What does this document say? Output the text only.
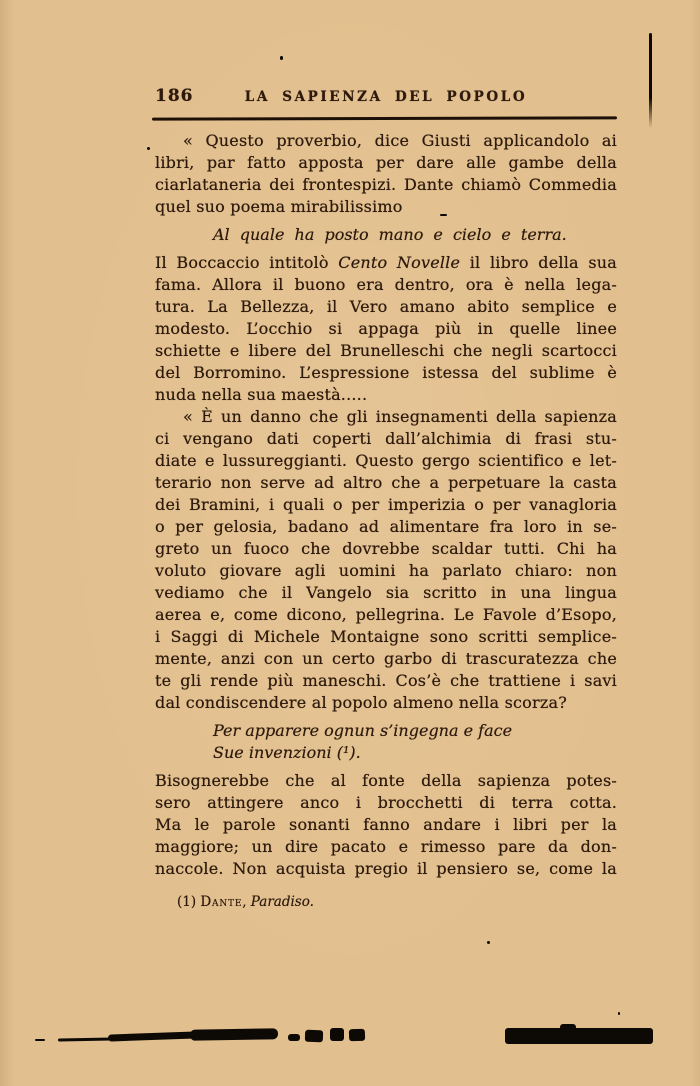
186	LA SAPIENZA DEL POPOLO
« Questo proverbio, dice Giusti applicandolo ai
libri, par fatto apposta per dare alle gambe della
ciarlataneria dei frontespizi. Dante chiamò Commedia
quel suo poema mirabilissimo
Al quale ha posto mano e cielo e terra.
Il Boccaccio intitolò Cento Novelle il libro della sua
fama. Allora il buono era dentro, ora è nella lega-
tura. La Bellezza, il Vero amano abito semplice e
modesto. L’occhio si appaga più in quelle linee
schiette e libere del Brunelleschi che negli scartocci
del Borromino. L’espressione istessa del sublime è
nuda nella sua maestà.....
« È un danno che gli insegnamenti della sapienza
ci vengano dati coperti dall’alchimia di frasi stu-
diate e lussureggianti. Questo gergo scientifico e let-
terario non serve ad altro che a perpetuare la casta
dei Bramini, i quali o per imperizia o per vanagloria
o per gelosia, badano ad alimentare fra loro in se-
greto un fuoco che dovrebbe scaldar tutti. Chi ha
voluto giovare agli uomini ha parlato chiaro: non
vediamo che il Vangelo sia scritto in una lingua
aerea e, come dicono, pellegrina. Le Favole d’Esopo,
i Saggi di Michele Montaigne sono scritti semplice-
mente, anzi con un certo garbo di trascuratezza che
te gli rende più maneschi. Cos’è che trattiene i savi
dal condiscendere al popolo almeno nella scorza?
Per apparere ognun s’ingegna e face
Sue invenzioni (¹).
Bisognerebbe che al fonte della sapienza potes-
sero attingere anco i brocchetti di terra cotta.
Ma le parole sonanti fanno andare i libri per la
maggiore; un dire pacato e rimesso pare da don-
naccole. Non acquista pregio il pensiero se, come la
(1) Dante, Paradiso.
